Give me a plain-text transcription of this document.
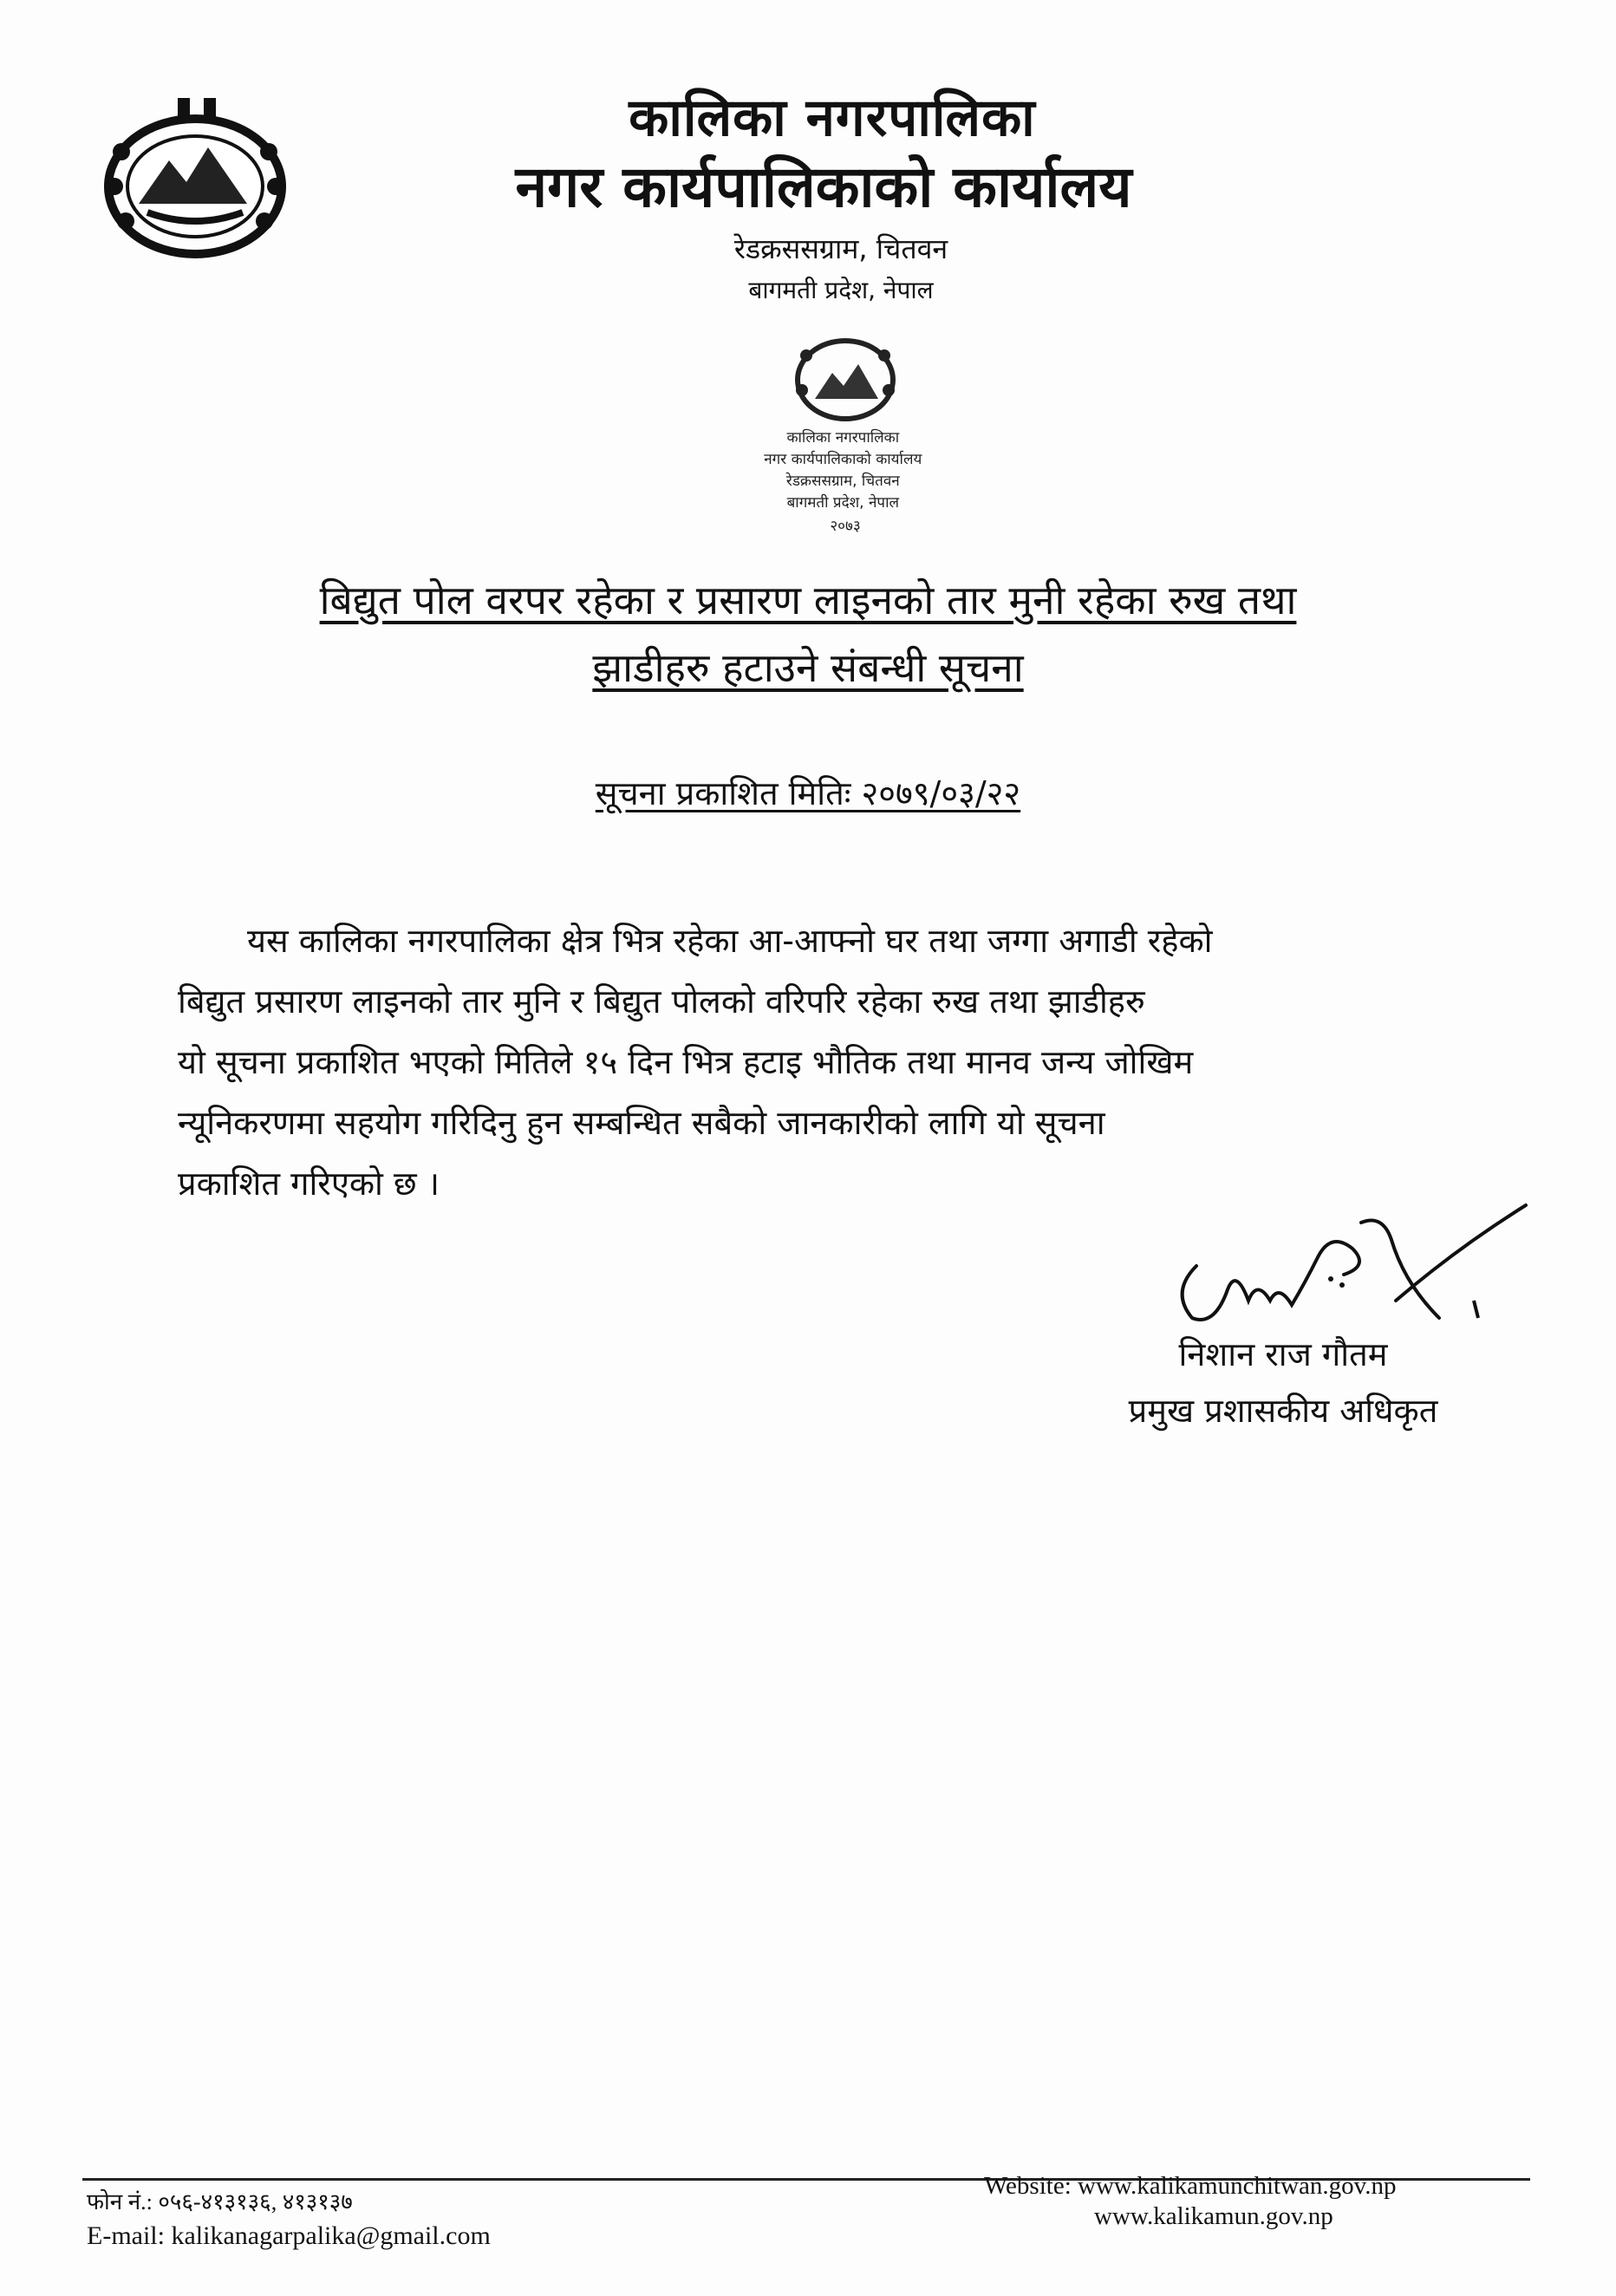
कालिका नगरपालिका
नगर कार्यपालिकाको कार्यालय
रेडक्रससग्राम, चितवन
बागमती प्रदेश, नेपाल
कालिका नगरपालिका नगर कार्यपालिकाको कार्यालय रेडक्रससग्राम, चितवन बागमती प्रदेश, नेपाल २०७३
बिद्युत पोल वरपर रहेका र प्रसारण लाइनको तार मुनी रहेका रुख तथा
झाडीहरु हटाउने संबन्धी सूचना
सूचना प्रकाशित मितिः २०७९/०३/२२
यस कालिका नगरपालिका क्षेत्र भित्र रहेका आ-आफ्नो घर तथा जग्गा अगाडी रहेको
बिद्युत प्रसारण लाइनको तार मुनि र बिद्युत पोलको वरिपरि रहेका रुख तथा झाडीहरु
यो सूचना प्रकाशित भएको मितिले १५ दिन भित्र हटाइ भौतिक तथा मानव जन्य जोखिम
न्यूनिकरणमा सहयोग गरिदिनु हुन सम्बन्धित सबैको जानकारीको लागि यो सूचना
प्रकाशित गरिएको छ ।
निशान राज गौतम
प्रमुख प्रशासकीय अधिकृत
फोन नं.: ०५६-४१३१३६, ४१३१३७
E-mail: kalikanagarpalika@gmail.com
Website: www.kalikamunchitwan.gov.np
www.kalikamun.gov.np
